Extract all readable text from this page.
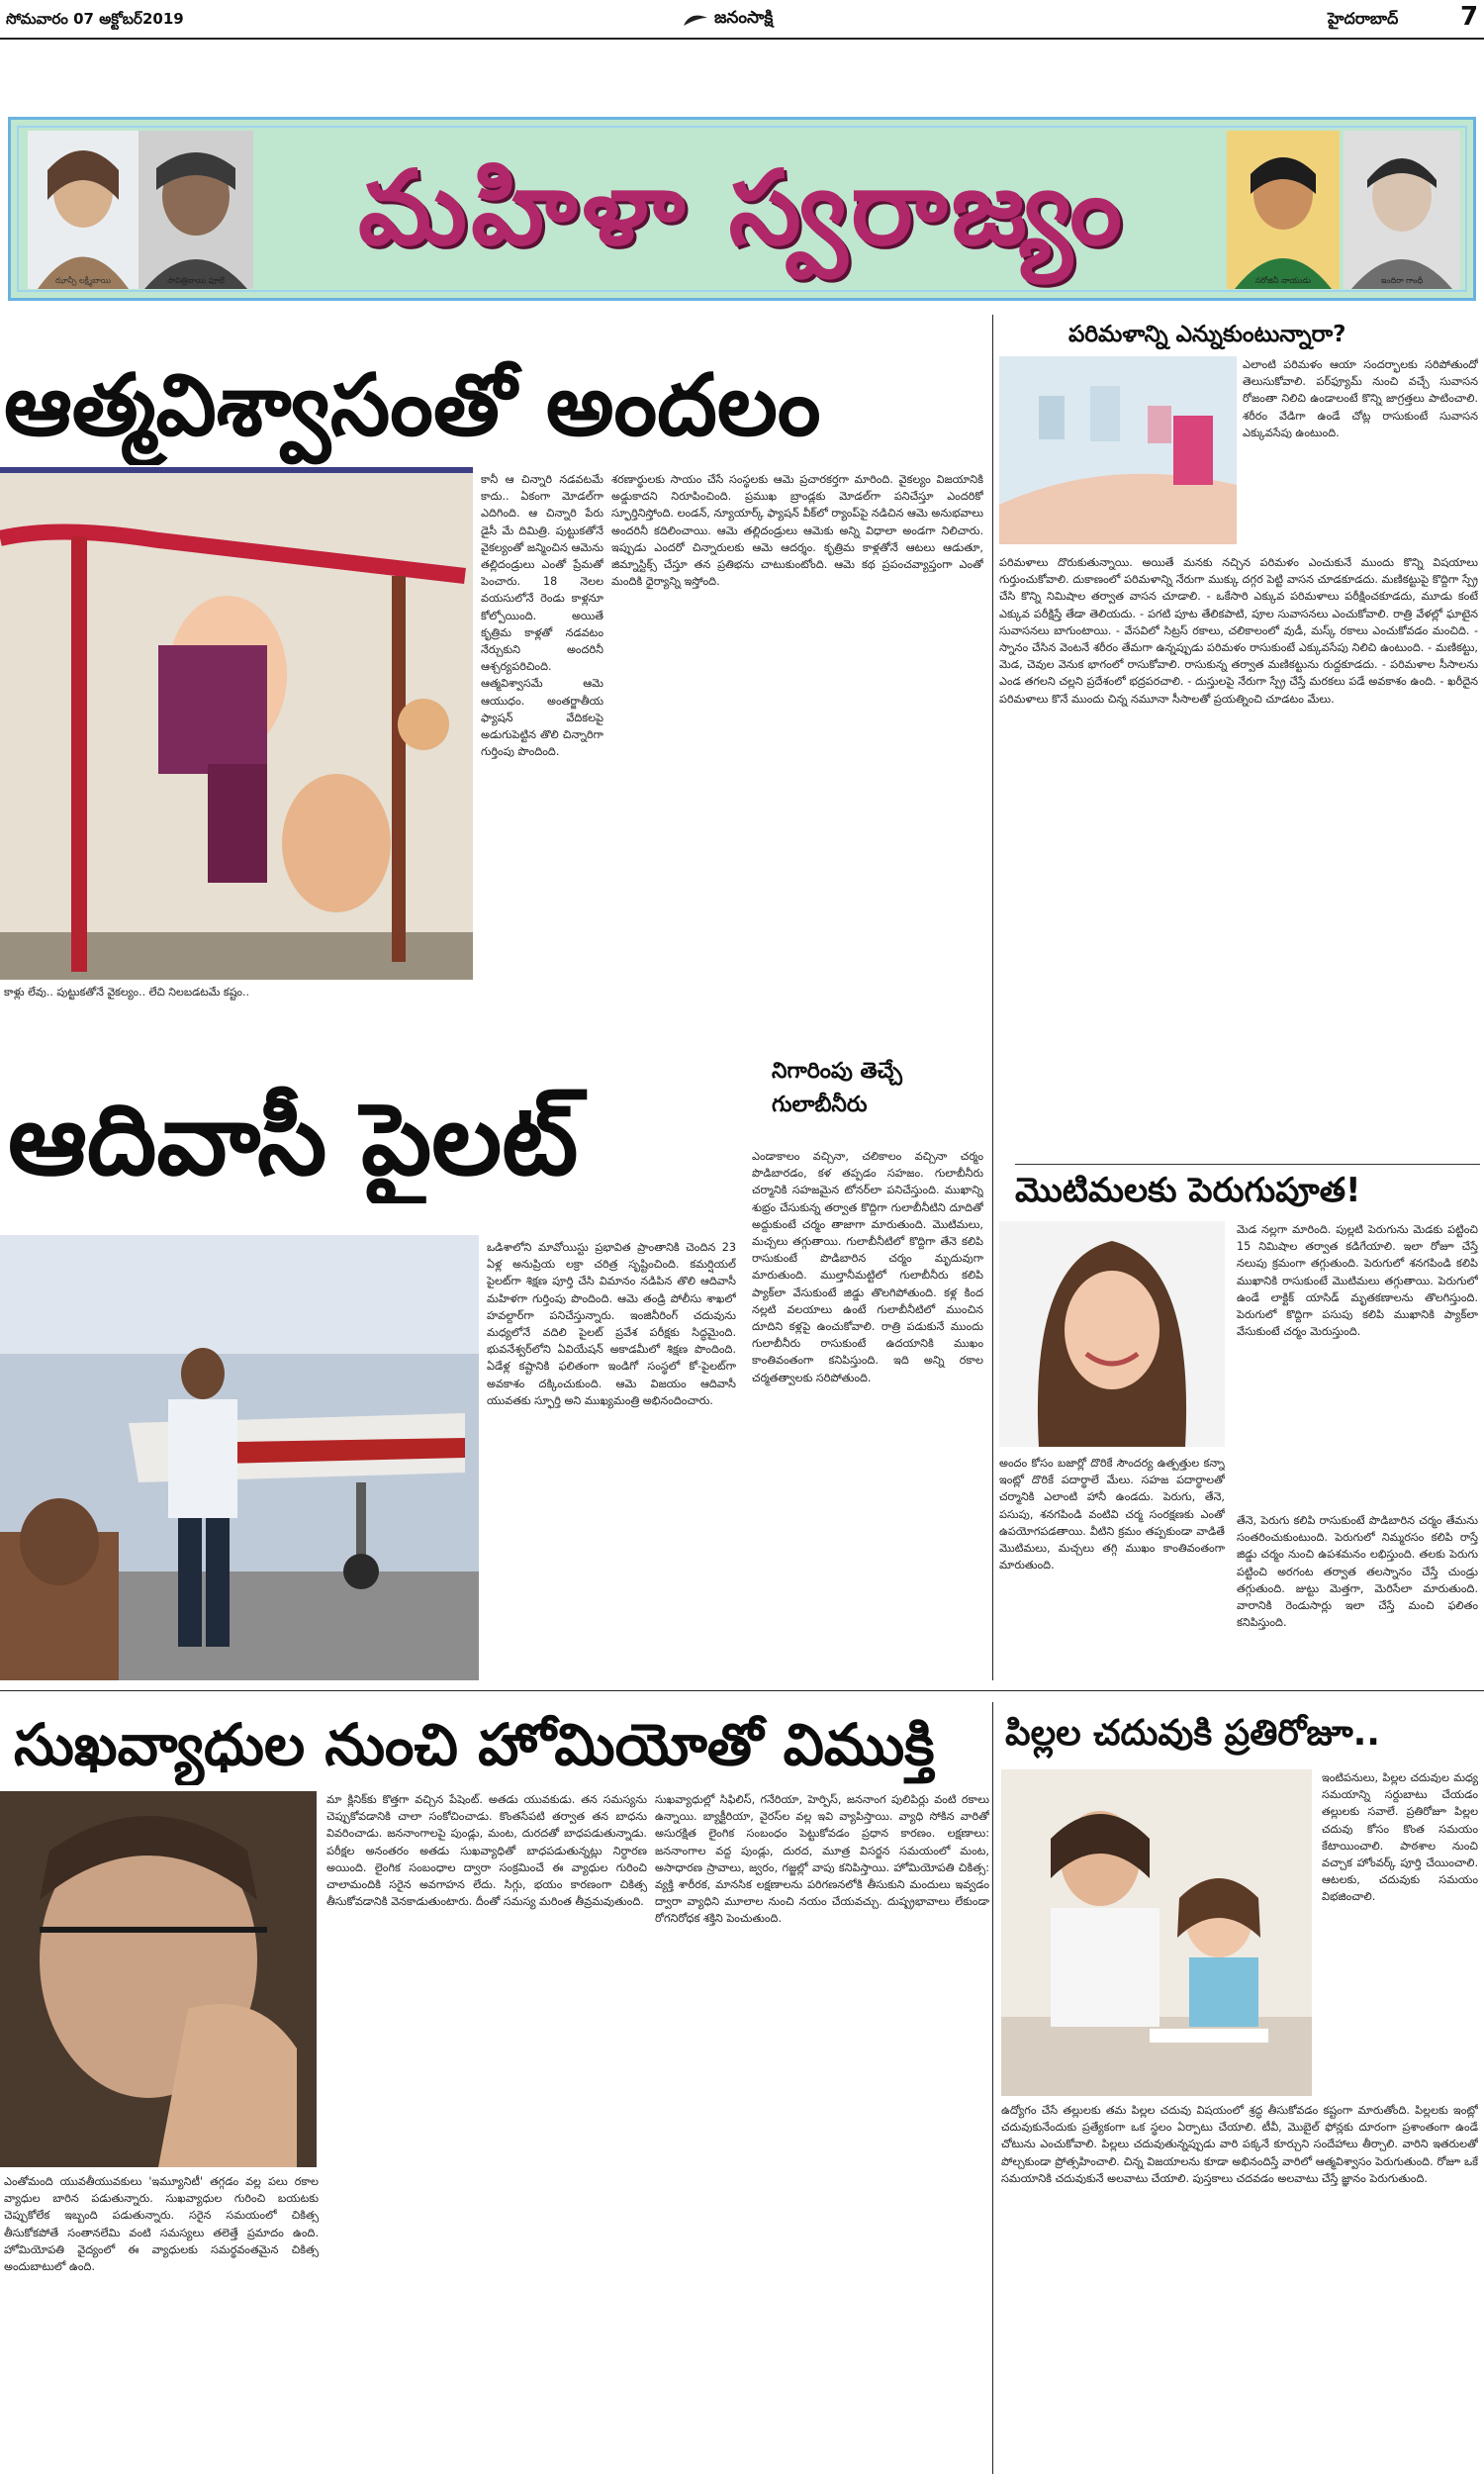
సోమవారం 07 అక్టోబర్2019	జనంసాక్షి	హైదరాబాద్ 7
మహిళా స్వరాజ్యం
ఝాన్సీ లక్ష్మీబాయి	సావిత్రిబాయి ఫూలే	సరోజినీ నాయుడు	ఇందిరా గాంధీ
ఆత్మవిశ్వాసంతో అందలం
కాళ్లు లేవు.. పుట్టుకతోనే వైకల్యం.. లేచి నిలబడటమే కష్టం..
కానీ ఆ చిన్నారి నడవటమే కాదు.. ఏకంగా మోడల్‌గా ఎదిగింది. ఆ చిన్నారి పేరు డైసీ మే దిమిత్రి. పుట్టుకతోనే వైకల్యంతో జన్మించిన ఆమెను తల్లిదండ్రులు ఎంతో ప్రేమతో పెంచారు. 18 నెలల వయసులోనే రెండు కాళ్లనూ కోల్పోయింది. అయితే కృత్రిమ కాళ్లతో నడవటం నేర్చుకుని అందరినీ ఆశ్చర్యపరిచింది. ఆత్మవిశ్వాసమే ఆమె ఆయుధం. అంతర్జాతీయ ఫ్యాషన్ వేదికలపై అడుగుపెట్టిన తొలి చిన్నారిగా గుర్తింపు పొందింది.
శరణార్థులకు సాయం చేసే సంస్థలకు ఆమె ప్రచారకర్తగా మారింది. వైకల్యం విజయానికి అడ్డుకాదని నిరూపించింది. ప్రముఖ బ్రాండ్లకు మోడల్‌గా పనిచేస్తూ ఎందరికో స్ఫూర్తినిస్తోంది. లండన్, న్యూయార్క్ ఫ్యాషన్ వీక్‌లో ర్యాంప్‌పై నడిచిన ఆమె అనుభవాలు అందరినీ కదిలించాయి. ఆమె తల్లిదండ్రులు ఆమెకు అన్ని విధాలా అండగా నిలిచారు. ఇప్పుడు ఎందరో చిన్నారులకు ఆమె ఆదర్శం. కృత్రిమ కాళ్లతోనే ఆటలు ఆడుతూ, జిమ్నాస్టిక్స్ చేస్తూ తన ప్రతిభను చాటుకుంటోంది. ఆమె కథ ప్రపంచవ్యాప్తంగా ఎంతో మందికి ధైర్యాన్ని ఇస్తోంది.
ఆదివాసీ పైలట్
ఒడిశాలోని మావోయిస్టు ప్రభావిత ప్రాంతానికి చెందిన 23 ఏళ్ల అనుప్రియ లక్రా చరిత్ర సృష్టించింది. కమర్షియల్ పైలట్‌గా శిక్షణ పూర్తి చేసి విమానం నడిపిన తొలి ఆదివాసీ మహిళగా గుర్తింపు పొందింది. ఆమె తండ్రి పోలీసు శాఖలో హవల్దార్‌గా పనిచేస్తున్నారు. ఇంజినీరింగ్ చదువును మధ్యలోనే వదిలి పైలట్ ప్రవేశ పరీక్షకు సిద్ధమైంది. భువనేశ్వర్‌లోని ఏవియేషన్ అకాడమీలో శిక్షణ పొందింది. ఏడేళ్ల కష్టానికి ఫలితంగా ఇండిగో సంస్థలో కో-పైలట్‌గా అవకాశం దక్కించుకుంది. ఆమె విజయం ఆదివాసీ యువతకు స్ఫూర్తి అని ముఖ్యమంత్రి అభినందించారు.
నిగారింపు తెచ్చే గులాబీనీరు
ఎండాకాలం వచ్చినా, చలికాలం వచ్చినా చర్మం పొడిబారడం, కళ తప్పడం సహజం. గులాబీనీరు చర్మానికి సహజమైన టోనర్‌లా పనిచేస్తుంది. ముఖాన్ని శుభ్రం చేసుకున్న తర్వాత కొద్దిగా గులాబీనీటిని దూదితో అద్దుకుంటే చర్మం తాజాగా మారుతుంది. మొటిమలు, మచ్చలు తగ్గుతాయి. గులాబీనీటిలో కొద్దిగా తేనె కలిపి రాసుకుంటే పొడిబారిన చర్మం మృదువుగా మారుతుంది. ముల్తానీమట్టిలో గులాబీనీరు కలిపి ప్యాక్‌లా వేసుకుంటే జిడ్డు తొలగిపోతుంది. కళ్ల కింద నల్లటి వలయాలు ఉంటే గులాబీనీటిలో ముంచిన దూదిని కళ్లపై ఉంచుకోవాలి. రాత్రి పడుకునే ముందు గులాబీనీరు రాసుకుంటే ఉదయానికి ముఖం కాంతివంతంగా కనిపిస్తుంది. ఇది అన్ని రకాల చర్మతత్వాలకు సరిపోతుంది.
పరిమళాన్ని ఎన్నుకుంటున్నారా?
ఎలాంటి పరిమళం ఆయా సందర్భాలకు సరిపోతుందో తెలుసుకోవాలి. పర్‌ఫ్యూమ్ నుంచి వచ్చే సువాసన రోజంతా నిలిచి ఉండాలంటే కొన్ని జాగ్రత్తలు పాటించాలి. శరీరం వేడిగా ఉండే చోట్ల రాసుకుంటే సువాసన ఎక్కువసేపు ఉంటుంది.
పరిమళాలు దొరుకుతున్నాయి. అయితే మనకు నచ్చిన పరిమళం ఎంచుకునే ముందు కొన్ని విషయాలు గుర్తుంచుకోవాలి. దుకాణంలో పరిమళాన్ని నేరుగా ముక్కు దగ్గర పెట్టి వాసన చూడకూడదు. మణికట్టుపై కొద్దిగా స్ప్రే చేసి కొన్ని నిమిషాల తర్వాత వాసన చూడాలి. - ఒకేసారి ఎక్కువ పరిమళాలు పరీక్షించకూడదు, మూడు కంటే ఎక్కువ పరీక్షిస్తే తేడా తెలియదు. - పగటి పూట తేలికపాటి, పూల సువాసనలు ఎంచుకోవాలి. రాత్రి వేళల్లో ఘాటైన సువాసనలు బాగుంటాయి. - వేసవిలో సిట్రస్ రకాలు, చలికాలంలో వుడీ, మస్క్ రకాలు ఎంచుకోవడం మంచిది. - స్నానం చేసిన వెంటనే శరీరం తేమగా ఉన్నప్పుడు పరిమళం రాసుకుంటే ఎక్కువసేపు నిలిచి ఉంటుంది. - మణికట్టు, మెడ, చెవుల వెనుక భాగంలో రాసుకోవాలి. రాసుకున్న తర్వాత మణికట్టును రుద్దకూడదు. - పరిమళాల సీసాలను ఎండ తగలని చల్లని ప్రదేశంలో భద్రపరచాలి. - దుస్తులపై నేరుగా స్ప్రే చేస్తే మరకలు పడే అవకాశం ఉంది. - ఖరీదైన పరిమళాలు కొనే ముందు చిన్న నమూనా సీసాలతో ప్రయత్నించి చూడటం మేలు.
మొటిమలకు పెరుగుపూత!
మెడ నల్లగా మారింది. పుల్లటి పెరుగును మెడకు పట్టించి 15 నిమిషాల తర్వాత కడిగేయాలి. ఇలా రోజూ చేస్తే నలుపు క్రమంగా తగ్గుతుంది. పెరుగులో శనగపిండి కలిపి ముఖానికి రాసుకుంటే మొటిమలు తగ్గుతాయి. పెరుగులో ఉండే లాక్టిక్ యాసిడ్ మృతకణాలను తొలగిస్తుంది. పెరుగులో కొద్దిగా పసుపు కలిపి ముఖానికి ప్యాక్‌లా వేసుకుంటే చర్మం మెరుస్తుంది.
అందం కోసం బజార్లో దొరికే సౌందర్య ఉత్పత్తుల కన్నా ఇంట్లో దొరికే పదార్థాలే మేలు. సహజ పదార్థాలతో చర్మానికి ఎలాంటి హానీ ఉండదు. పెరుగు, తేనె, పసుపు, శనగపిండి వంటివి చర్మ సంరక్షణకు ఎంతో ఉపయోగపడతాయి. వీటిని క్రమం తప్పకుండా వాడితే మొటిమలు, మచ్చలు తగ్గి ముఖం కాంతివంతంగా మారుతుంది.
తేనె, పెరుగు కలిపి రాసుకుంటే పొడిబారిన చర్మం తేమను సంతరించుకుంటుంది. పెరుగులో నిమ్మరసం కలిపి రాస్తే జిడ్డు చర్మం నుంచి ఉపశమనం లభిస్తుంది. తలకు పెరుగు పట్టించి అరగంట తర్వాత తలస్నానం చేస్తే చుండ్రు తగ్గుతుంది. జుట్టు మెత్తగా, మెరిసేలా మారుతుంది. వారానికి రెండుసార్లు ఇలా చేస్తే మంచి ఫలితం కనిపిస్తుంది.
సుఖవ్యాధుల నుంచి హోమియోతో విముక్తి
మా క్లినిక్‌కు కొత్తగా వచ్చిన పేషెంట్. అతడు యువకుడు. తన సమస్యను చెప్పుకోవడానికి చాలా సంకోచించాడు. కొంతసేపటి తర్వాత తన బాధను వివరించాడు. జననాంగాలపై పుండ్లు, మంట, దురదతో బాధపడుతున్నాడు. పరీక్షల అనంతరం అతడు సుఖవ్యాధితో బాధపడుతున్నట్లు నిర్ధారణ అయింది. లైంగిక సంబంధాల ద్వారా సంక్రమించే ఈ వ్యాధుల గురించి చాలామందికి సరైన అవగాహన లేదు. సిగ్గు, భయం కారణంగా చికిత్స తీసుకోవడానికి వెనకాడుతుంటారు. దీంతో సమస్య మరింత తీవ్రమవుతుంది.
సుఖవ్యాధుల్లో సిఫిలిస్, గనేరియా, హెర్పిస్, జననాంగ పులిపిర్లు వంటి రకాలు ఉన్నాయి. బ్యాక్టీరియా, వైరస్‌ల వల్ల ఇవి వ్యాపిస్తాయి. వ్యాధి సోకిన వారితో అసురక్షిత లైంగిక సంబంధం పెట్టుకోవడం ప్రధాన కారణం. లక్షణాలు: జననాంగాల వద్ద పుండ్లు, దురద, మూత్ర విసర్జన సమయంలో మంట, అసాధారణ స్రావాలు, జ్వరం, గజ్జల్లో వాపు కనిపిస్తాయి. హోమియోపతి చికిత్స: వ్యక్తి శారీరక, మానసిక లక్షణాలను పరిగణనలోకి తీసుకుని మందులు ఇవ్వడం ద్వారా వ్యాధిని మూలాల నుంచి నయం చేయవచ్చు. దుష్ప్రభావాలు లేకుండా రోగనిరోధక శక్తిని పెంచుతుంది.
ఎంతోమంది యువతీయువకులు 'ఇమ్యూనిటీ' తగ్గడం వల్ల పలు రకాల వ్యాధుల బారిన పడుతున్నారు. సుఖవ్యాధుల గురించి బయటకు చెప్పుకోలేక ఇబ్బంది పడుతున్నారు. సరైన సమయంలో చికిత్స తీసుకోకపోతే సంతానలేమి వంటి సమస్యలు తలెత్తే ప్రమాదం ఉంది. హోమియోపతి వైద్యంలో ఈ వ్యాధులకు సమర్థవంతమైన చికిత్స అందుబాటులో ఉంది.
పిల్లల చదువుకి ప్రతిరోజూ..
ఇంటిపనులు, పిల్లల చదువుల మధ్య సమయాన్ని సర్దుబాటు చేయడం తల్లులకు సవాలే. ప్రతిరోజూ పిల్లల చదువు కోసం కొంత సమయం కేటాయించాలి. పాఠశాల నుంచి వచ్చాక హోంవర్క్ పూర్తి చేయించాలి. ఆటలకు, చదువుకు సమయం విభజించాలి.
ఉద్యోగం చేసే తల్లులకు తమ పిల్లల చదువు విషయంలో శ్రద్ధ తీసుకోవడం కష్టంగా మారుతోంది. పిల్లలకు ఇంట్లో చదువుకునేందుకు ప్రత్యేకంగా ఒక స్థలం ఏర్పాటు చేయాలి. టీవీ, మొబైల్ ఫోన్లకు దూరంగా ప్రశాంతంగా ఉండే చోటును ఎంచుకోవాలి. పిల్లలు చదువుతున్నప్పుడు వారి పక్కనే కూర్చుని సందేహాలు తీర్చాలి. వారిని ఇతరులతో పోల్చకుండా ప్రోత్సహించాలి. చిన్న విజయాలను కూడా అభినందిస్తే వారిలో ఆత్మవిశ్వాసం పెరుగుతుంది. రోజూ ఒకే సమయానికి చదువుకునే అలవాటు చేయాలి. పుస్తకాలు చదవడం అలవాటు చేస్తే జ్ఞానం పెరుగుతుంది.
